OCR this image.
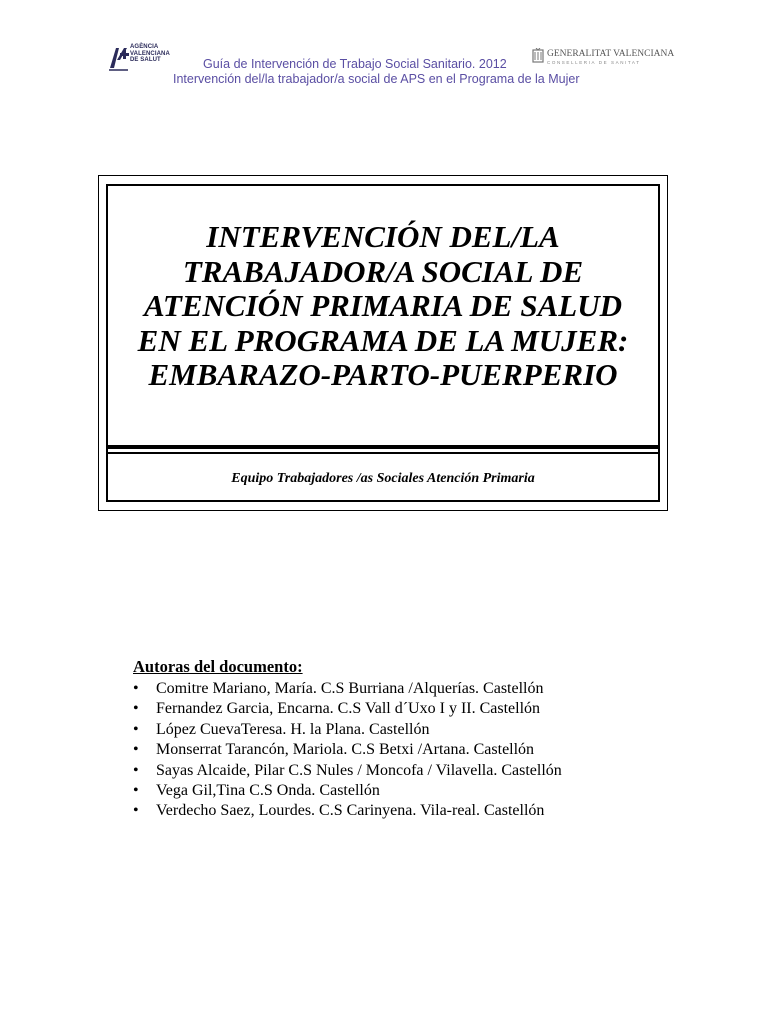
AGÈNCIA VALENCIANA DE SALUT	Guía de Intervención de Trabajo Social Sanitario. 2012
Intervención del/la trabajador/a social de APS en el Programa de la Mujer
GENERALITAT VALENCIANA
CONSELLERIA DE SANITAT
INTERVENCIÓN DEL/LA
TRABAJADOR/A SOCIAL DE
ATENCIÓN PRIMARIA DE SALUD
EN EL PROGRAMA DE LA MUJER:
EMBARAZO-PARTO-PUERPERIO
Equipo Trabajadores /as Sociales Atención Primaria
Autoras del documento:
• Comitre Mariano, María. C.S Burriana /Alquerías. Castellón
• Fernandez Garcia, Encarna. C.S Vall d´Uxo I y II. Castellón
• López CuevaTeresa. H. la Plana. Castellón
• Monserrat Tarancón, Mariola. C.S Betxi /Artana. Castellón
• Sayas Alcaide, Pilar C.S Nules / Moncofa / Vilavella. Castellón
• Vega Gil,Tina C.S Onda. Castellón
• Verdecho Saez, Lourdes. C.S Carinyena. Vila-real. Castellón
